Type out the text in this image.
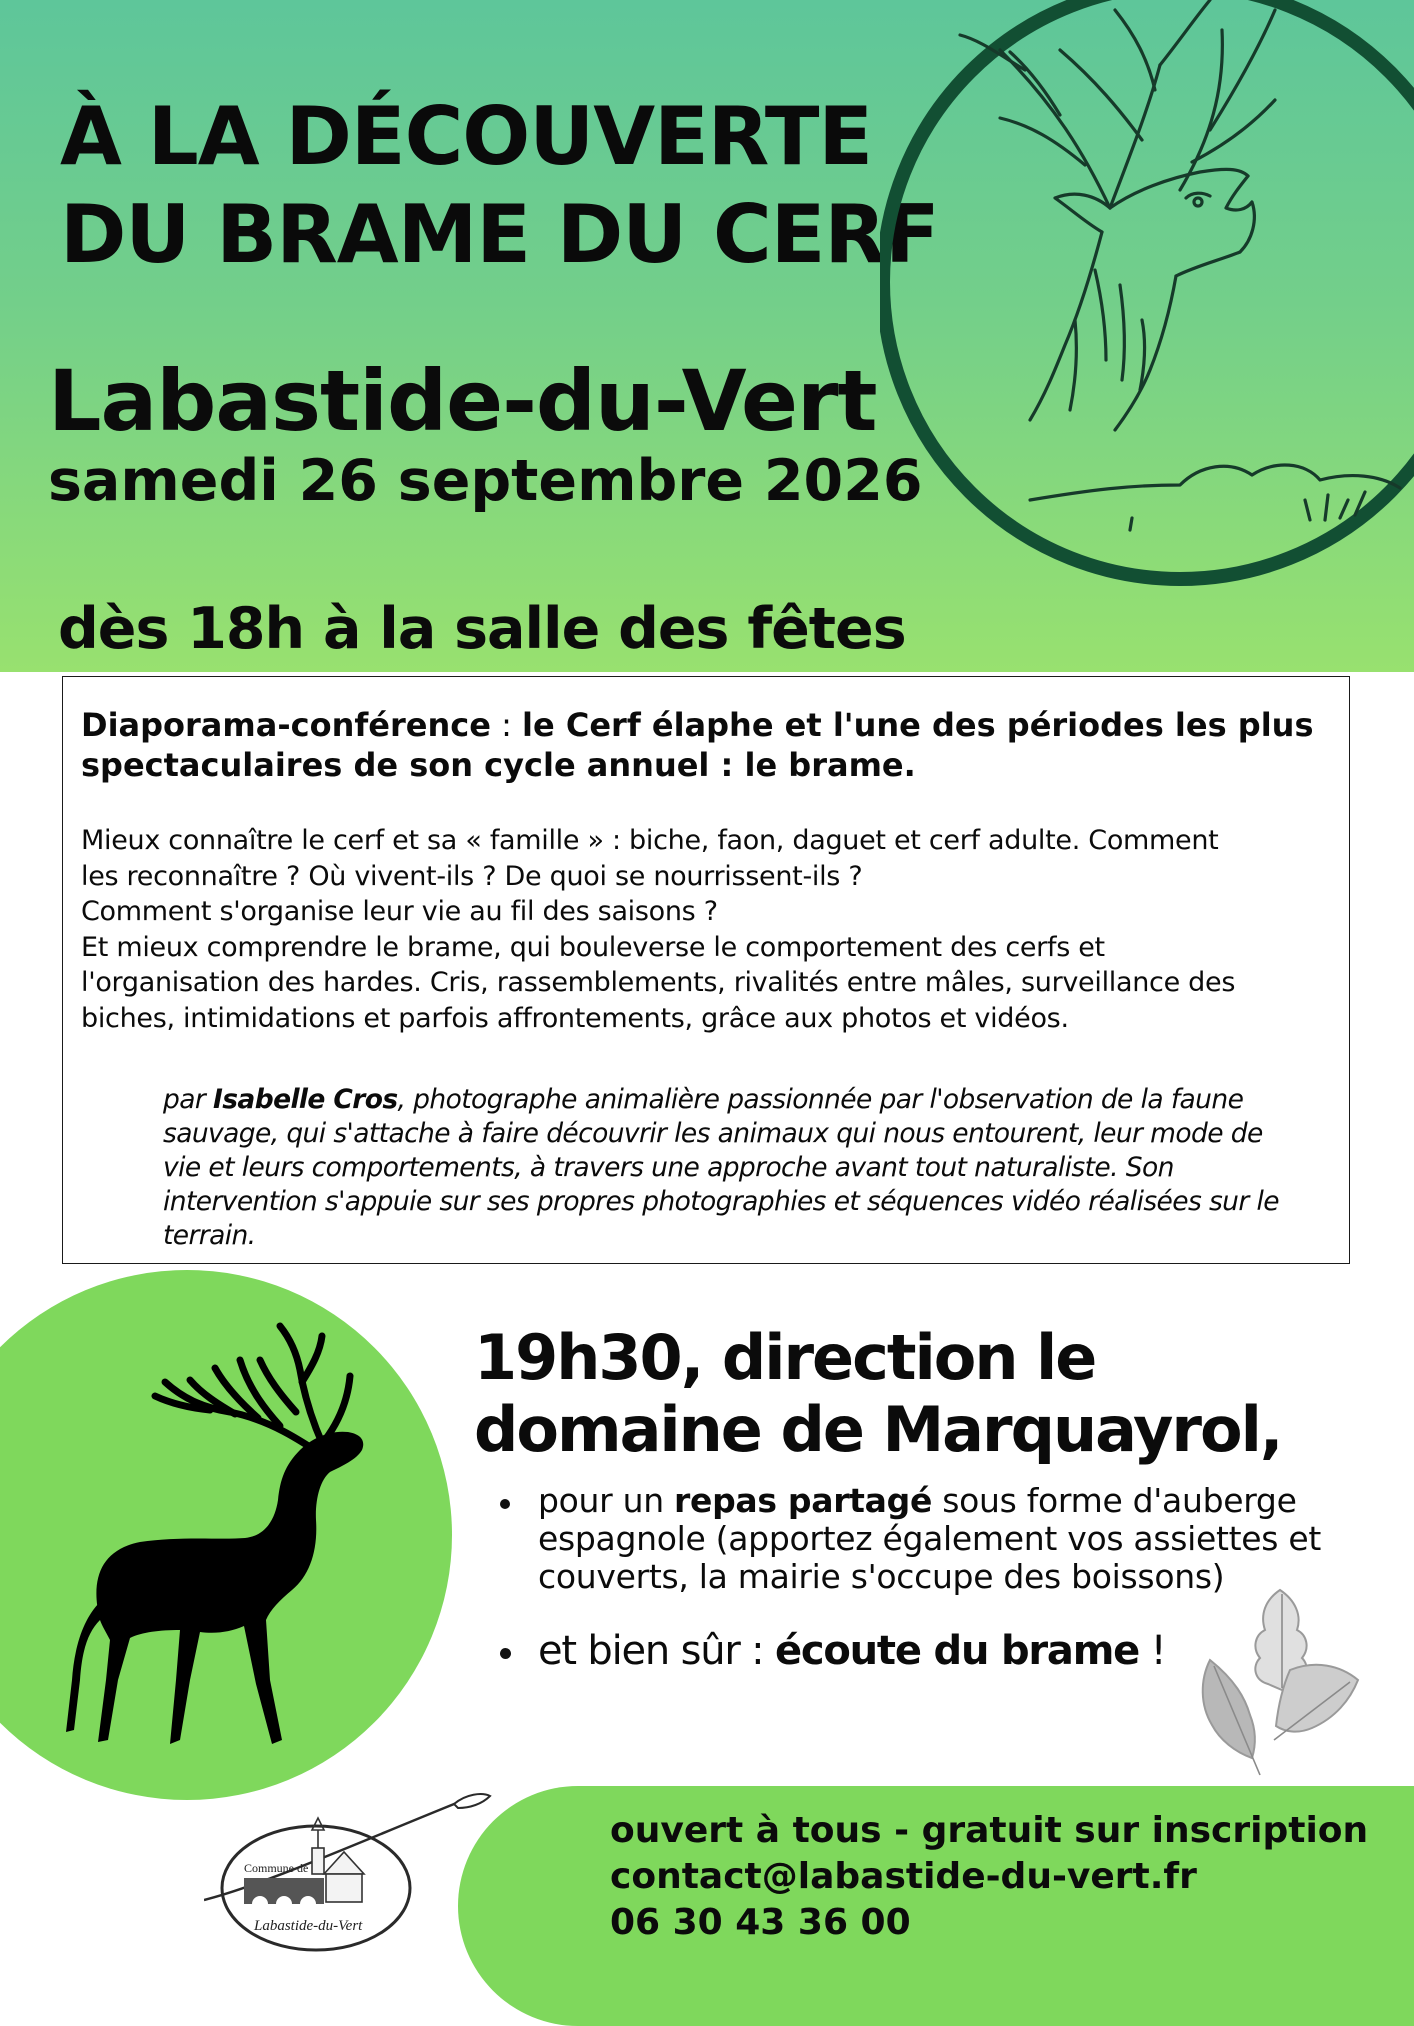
À LA DÉCOUVERTE
DU BRAME DU CERF
Labastide-du-Vert
samedi 26 septembre 2026
dès 18h à la salle des fêtes
Diaporama-conférence : le Cerf élaphe et l'une des périodes les plus spectaculaires de son cycle annuel : le brame.

Mieux connaître le cerf et sa « famille » : biche, faon, daguet et cerf adulte. Comment

les reconnaître ? Où vivent-ils ? De quoi se nourrissent-ils ?

Comment s'organise leur vie au fil des saisons ?

Et mieux comprendre le brame, qui bouleverse le comportement des cerfs et

l'organisation des hardes. Cris, rassemblements, rivalités entre mâles, surveillance des

biches, intimidations et parfois affrontements, grâce aux photos et vidéos.

par Isabelle Cros, photographe animalière passionnée par l'observation de la faune

sauvage, qui s'attache à faire découvrir les animaux qui nous entourent, leur mode de

vie et leurs comportements, à travers une approche avant tout naturaliste. Son

intervention s'appuie sur ses propres photographies et séquences vidéo réalisées sur le

terrain.

19h30, direction le
domaine de Marquayrol,
pour un repas partagé sous forme d'auberge
espagnole (apportez également vos assiettes et
couverts, la mairie s'occupe des boissons)
et bien sûr : écoute du brame !
ouvert à tous - gratuit sur inscription
contact@labastide-du-vert.fr
06 30 43 36 00
Commune de
Labastide-du-Vert
